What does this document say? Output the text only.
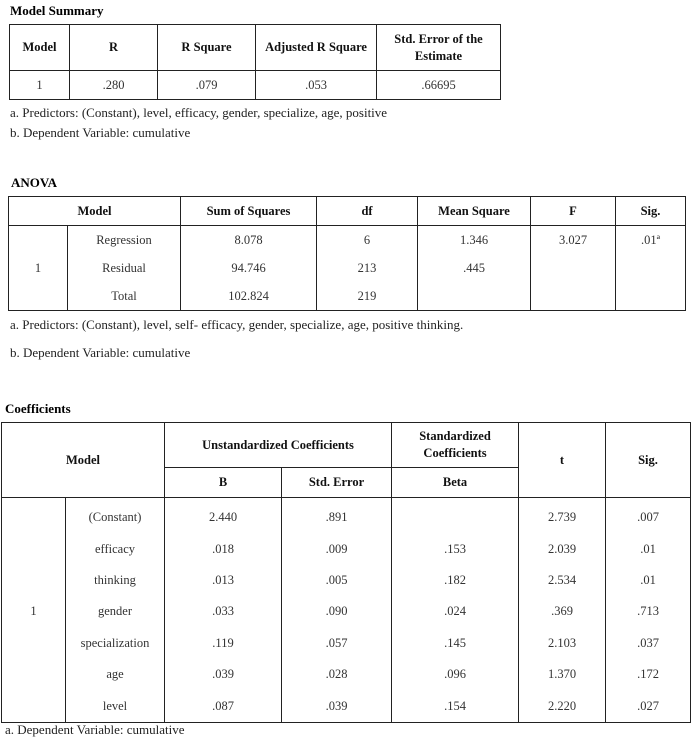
Model Summary
Model	R	R Square	Adjusted R Square	Std. Error of the Estimate
1	.280	.079	.053	.66695
a. Predictors: (Constant), level, efficacy, gender, specialize, age, positive
b. Dependent Variable: cumulative
ANOVA
Model		Sum of Squares	df	Mean Square	F	Sig.
1	Regression	8.078	6	1.346	3.027	.01ª
	Residual	94.746	213	.445		
	Total	102.824	219			
a. Predictors: (Constant), level, self- efficacy, gender, specialize, age, positive thinking.
b. Dependent Variable: cumulative
Coefficients
Model		Unstandardized Coefficients		Standardized Coefficients	t	Sig.
		B	Std. Error	Beta		
1	(Constant)	2.440	.891		2.739	.007
	efficacy	.018	.009	.153	2.039	.01
	thinking	.013	.005	.182	2.534	.01
	gender	.033	.090	.024	.369	.713
	specialization	.119	.057	.145	2.103	.037
	age	.039	.028	.096	1.370	.172
	level	.087	.039	.154	2.220	.027
a. Dependent Variable: cumulative
